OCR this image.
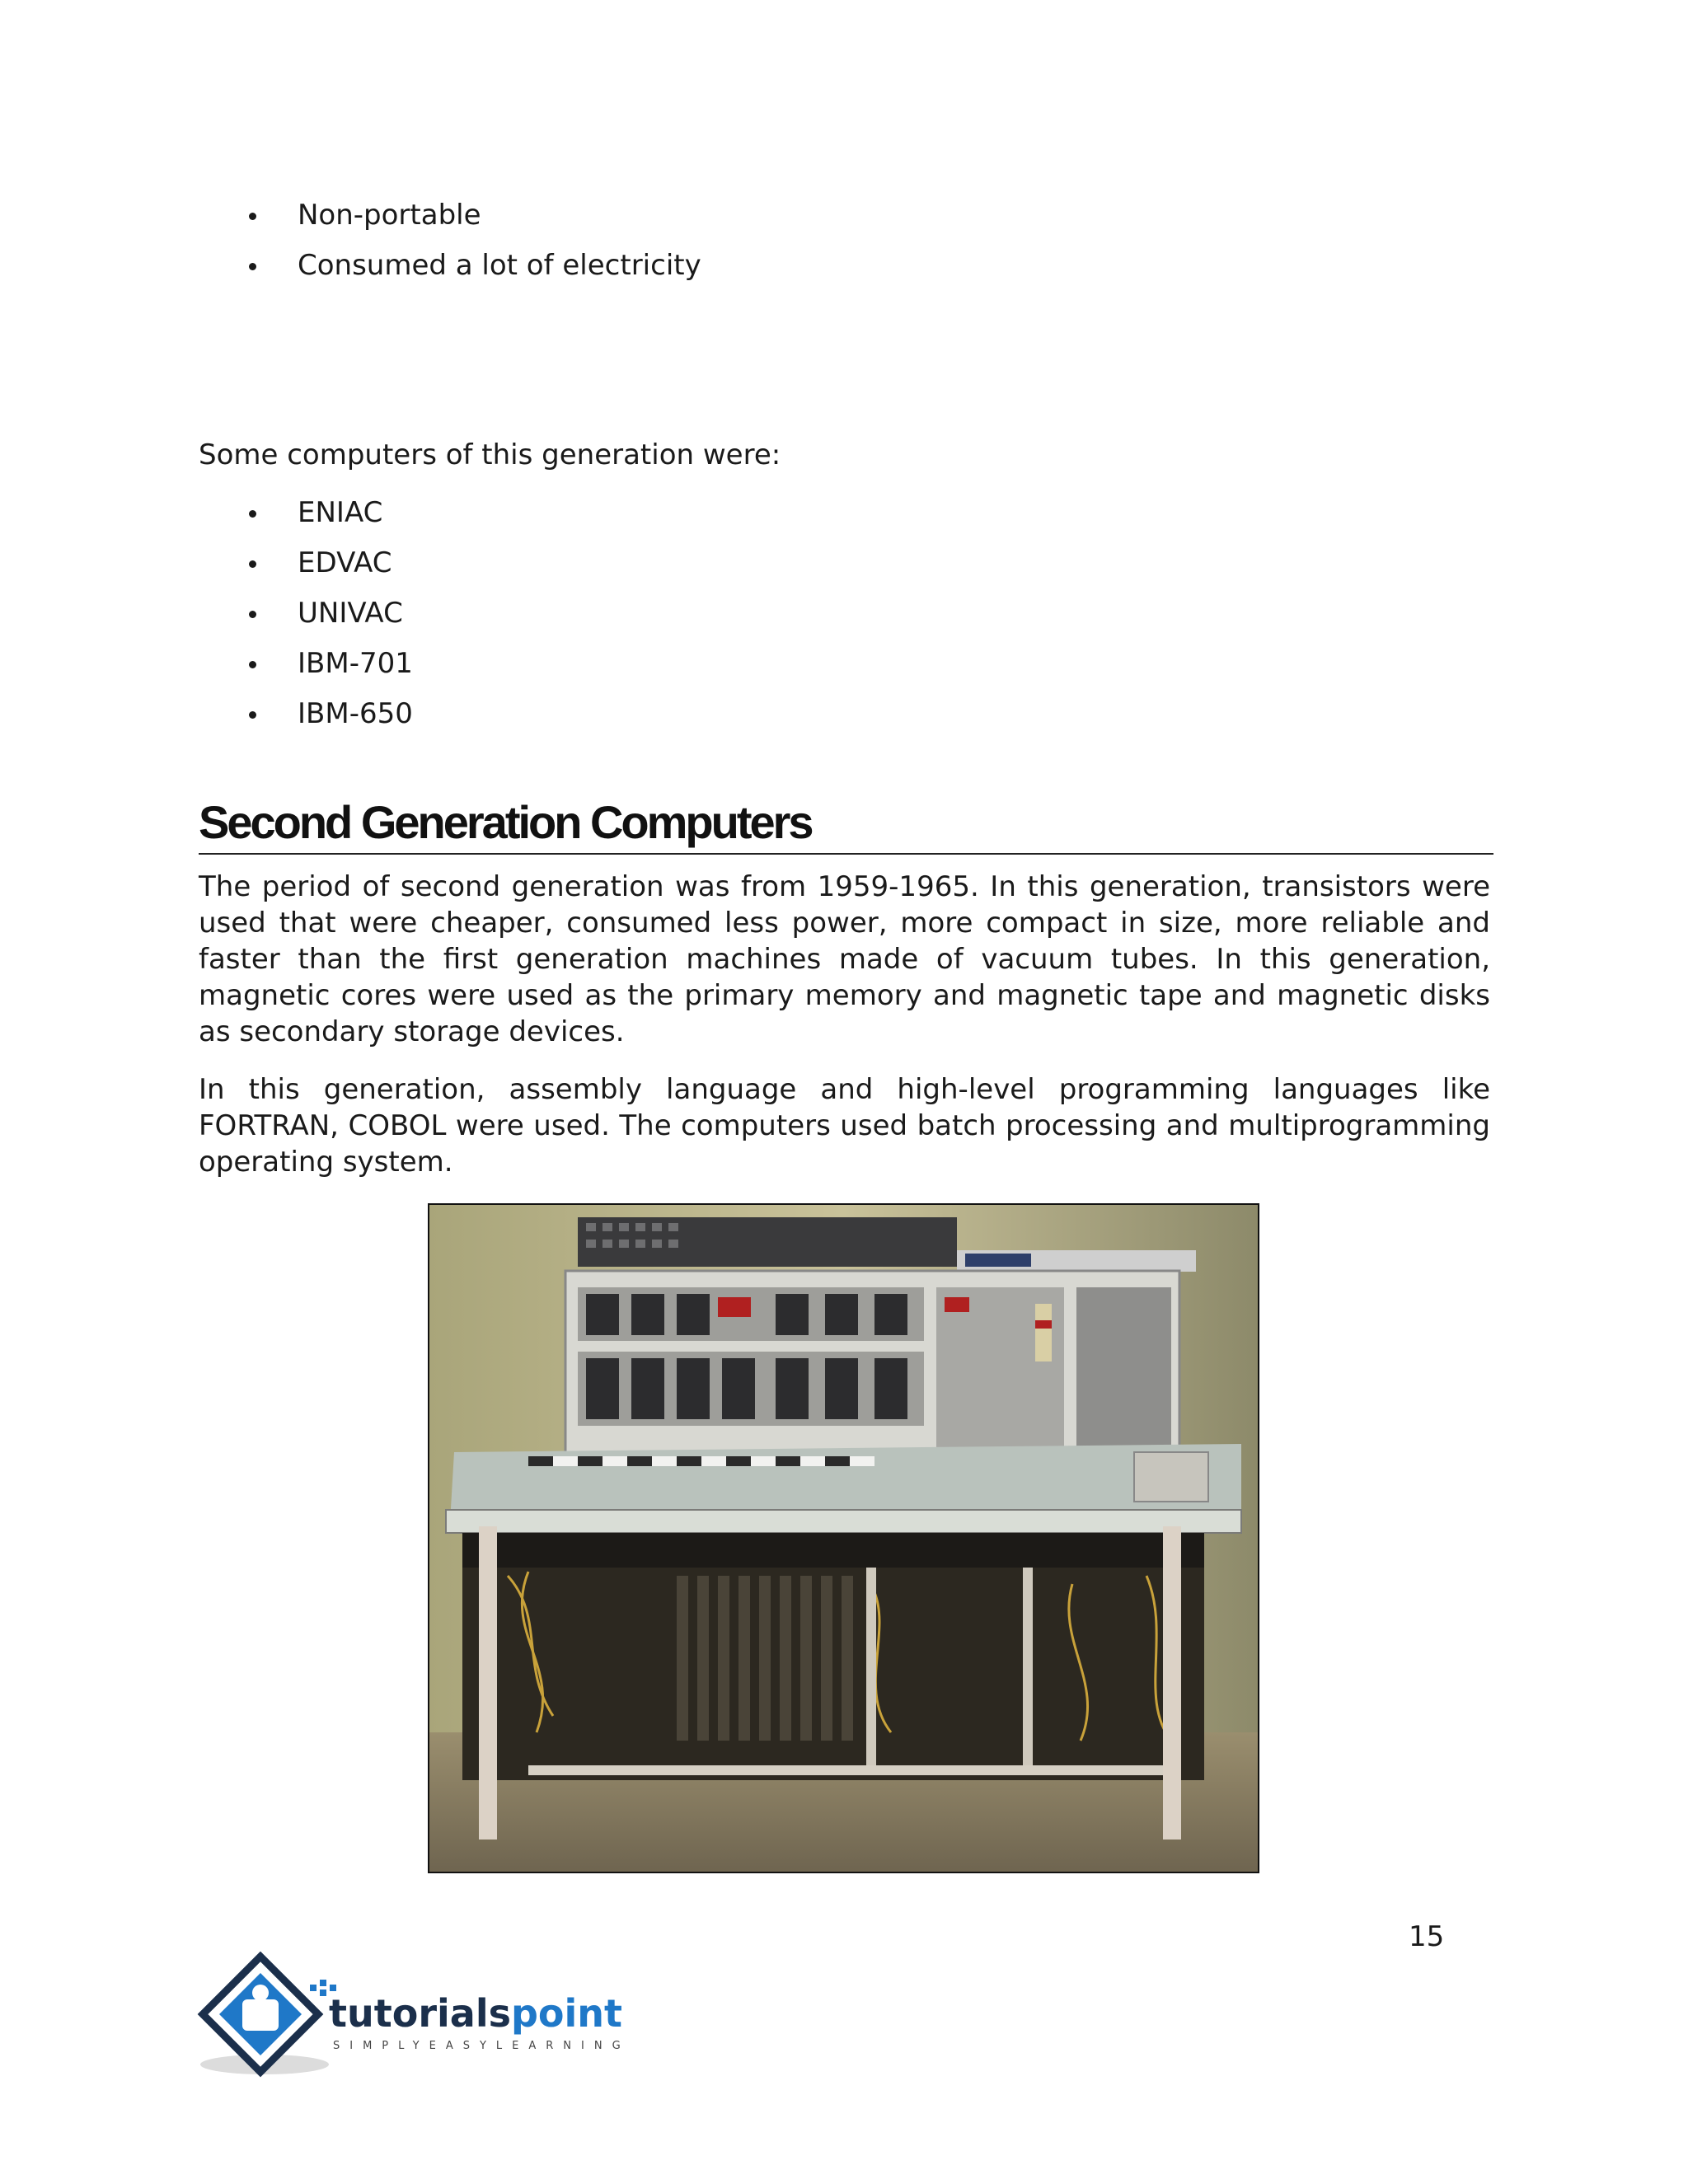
Non-portable
Consumed a lot of electricity

Some computers of this generation were:

ENIAC
EDVAC
UNIVAC
IBM-701
IBM-650
Second Generation Computers

The period of second generation was from 1959-1965. In this generation, transistors were used that were cheaper, consumed less power, more compact in size, more reliable and faster than the first generation machines made of vacuum tubes. In this generation, magnetic cores were used as the primary memory and magnetic tape and magnetic disks as secondary storage devices.

In this generation, assembly language and high-level programming languages like FORTRAN, COBOL were used. The computers used batch processing and multiprogramming operating system.

15
tutorialspoint
SIMPLYEASYLEARNING
